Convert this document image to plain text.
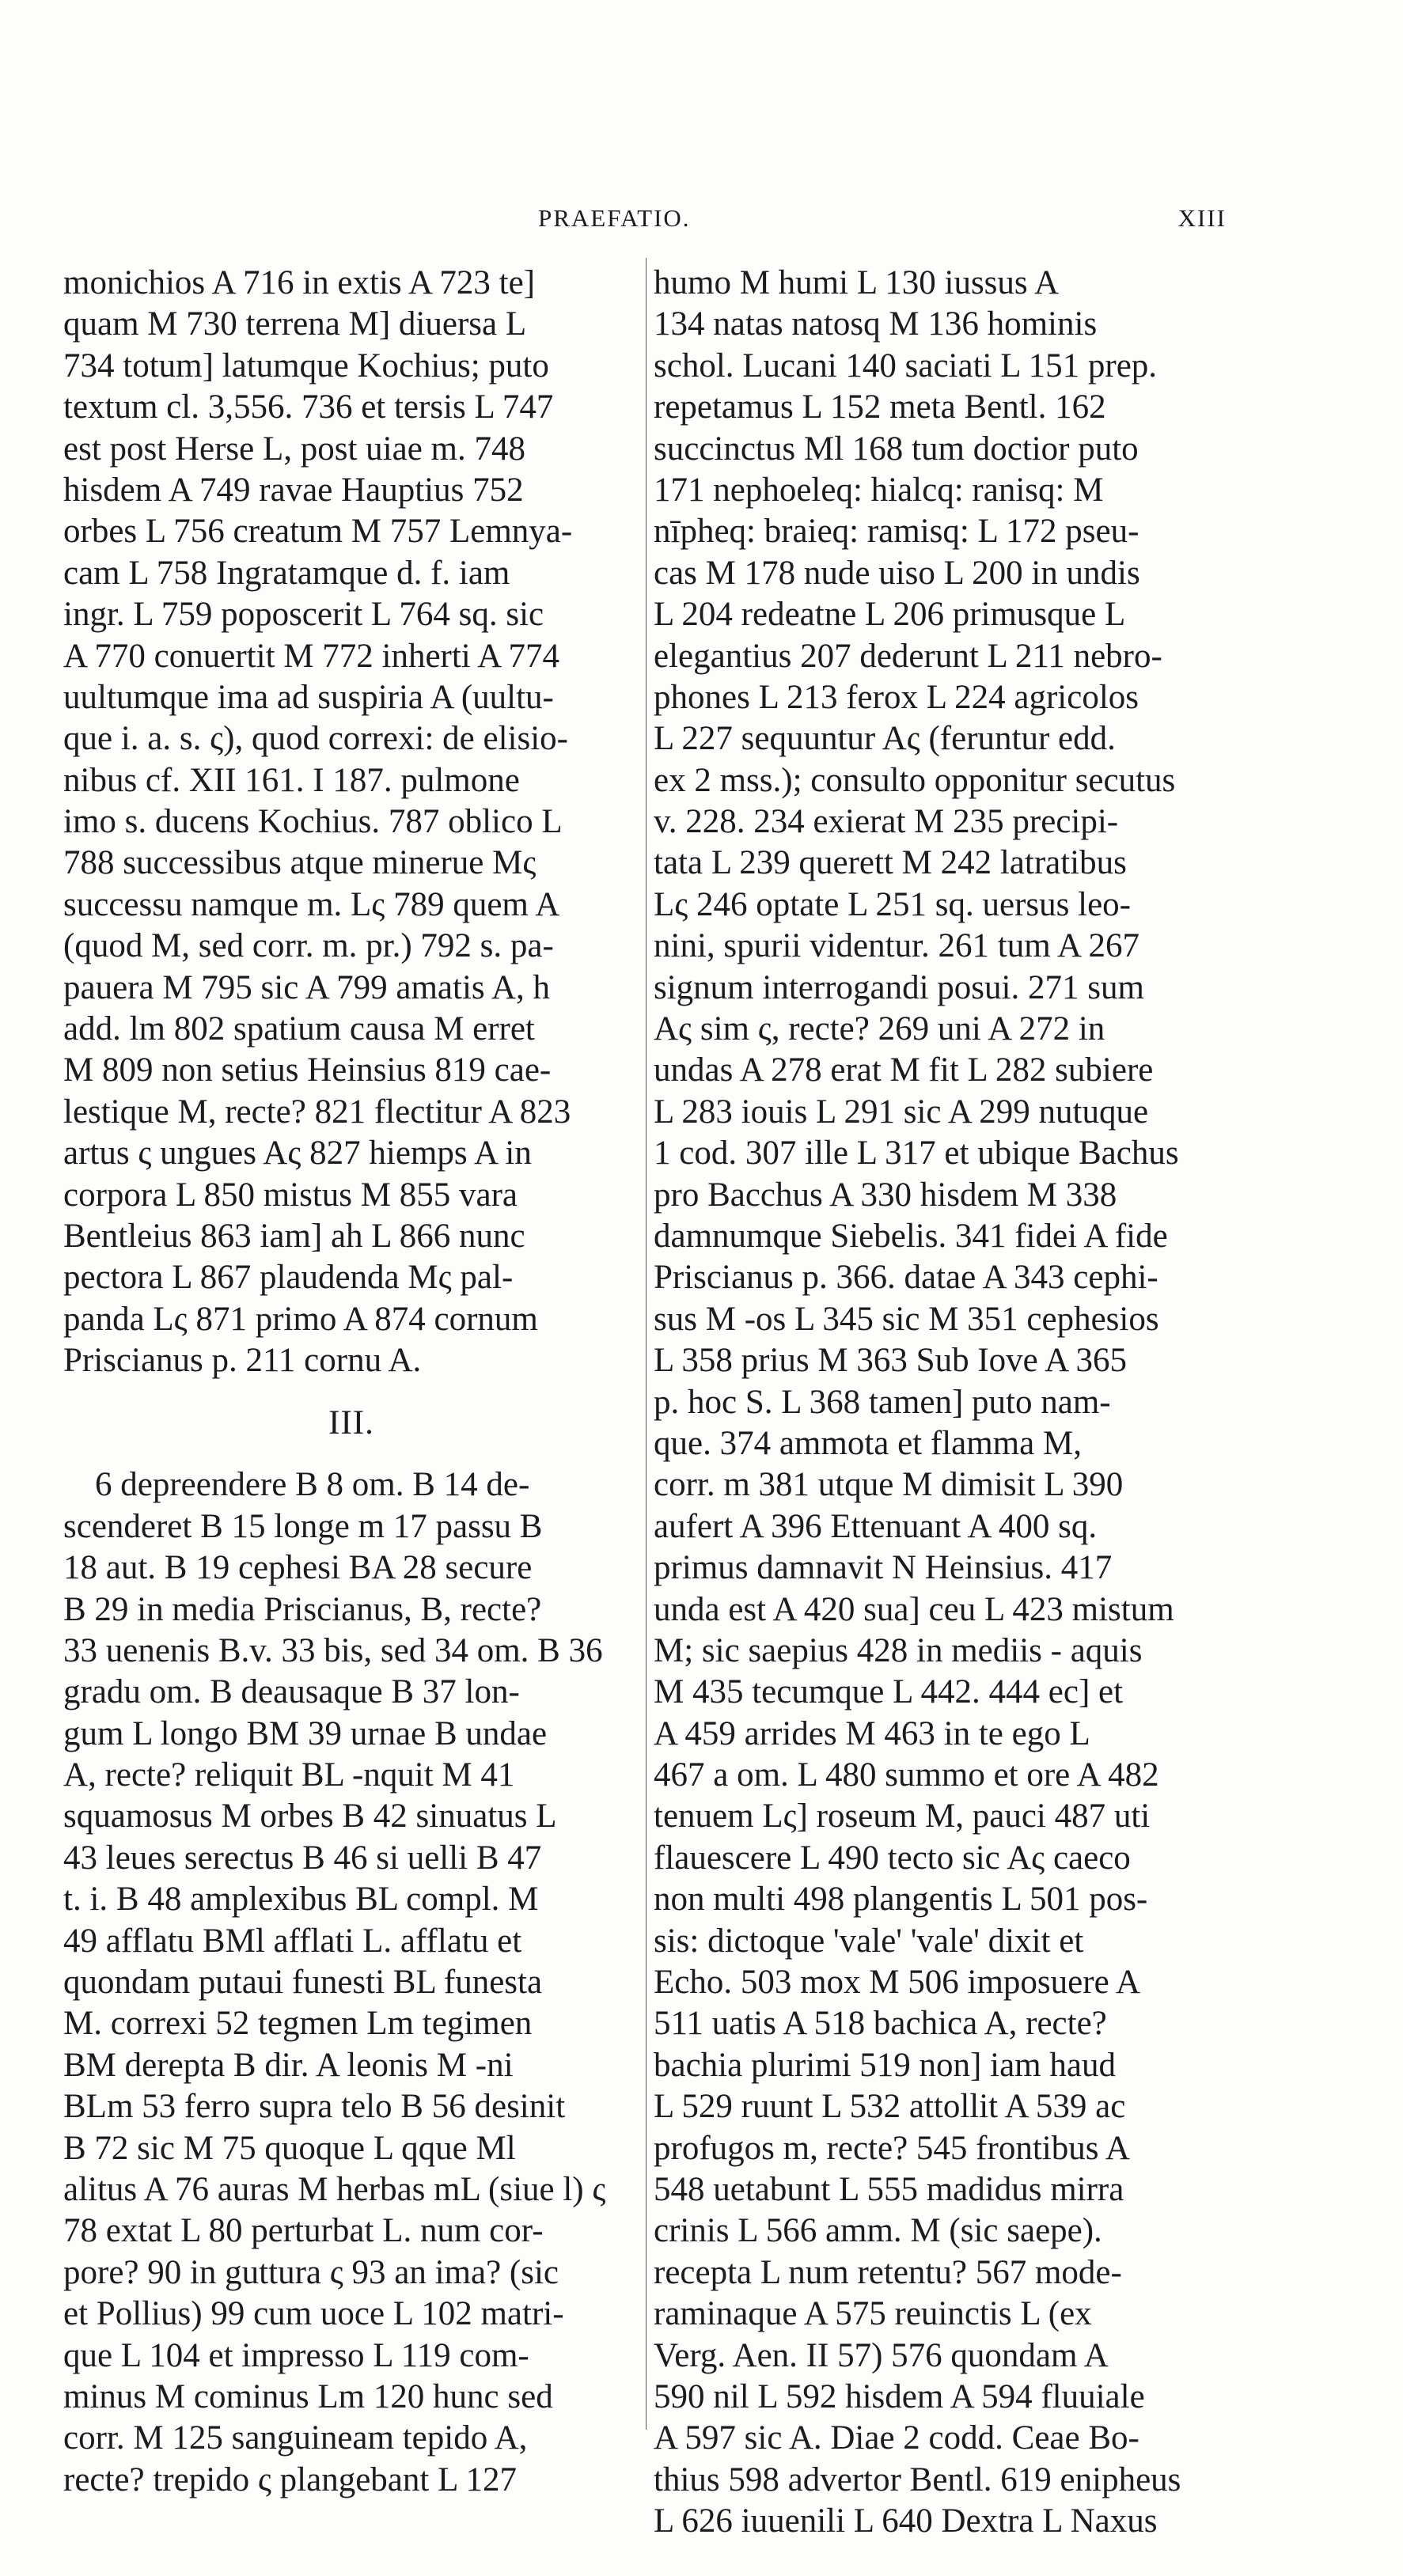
PRAEFATIO.	XIII
monichios A 716 in extis A 723 te]
quam M 730 terrena M] diuersa L
734 totum] latumque Kochius; puto
textum cl. 3,556. 736 et tersis L 747
est post Herse L, post uiae m. 748
hisdem A 749 ravae Hauptius 752
orbes L 756 creatum M 757 Lemnya-
cam L 758 Ingratamque d. f. iam
ingr. L 759 poposcerit L 764 sq. sic
A 770 conuertit M 772 inherti A 774
uultumque ima ad suspiria A (uultu-
que i. a. s. ς), quod correxi: de elisio-
nibus cf. XII 161. I 187. pulmone
imo s. ducens Kochius. 787 oblico L
788 successibus atque minerue Mς
successu namque m. Lς 789 quem A
(quod M, sed corr. m. pr.) 792 s. pa-
pauera M 795 sic A 799 amatis A, h
add. lm 802 spatium causa M erret
M 809 non setius Heinsius 819 cae-
lestique M, recte? 821 flectitur A 823
artus ς ungues Aς 827 hiemps A in
corpora L 850 mistus M 855 vara
Bentleius 863 iam] ah L 866 nunc
pectora L 867 plaudenda Mς pal-
panda Lς 871 primo A 874 cornum
Priscianus p. 211 cornu A.
III.
6 depreendere B 8 om. B 14 de-
scenderet B 15 longe m 17 passu B
18 aut. B 19 cephesi BA 28 secure
B 29 in media Priscianus, B, recte?
33 uenenis B.v. 33 bis, sed 34 om. B 36
gradu om. B deausaque B 37 lon-
gum L longo BM 39 urnae B undae
A, recte? reliquit BL -nquit M 41
squamosus M orbes B 42 sinuatus L
43 leues serectus B 46 si uelli B 47
t. i. B 48 amplexibus BL compl. M
49 afflatu BMl afflati L. afflatu et
quondam putaui funesti BL funesta
M. correxi 52 tegmen Lm tegimen
BM derepta B dir. A leonis M -ni
BLm 53 ferro supra telo B 56 desinit
B 72 sic M 75 quoque L qque Ml
alitus A 76 auras M herbas mL (siue l) ς
78 extat L 80 perturbat L. num cor-
pore? 90 in guttura ς 93 an ima? (sic
et Pollius) 99 cum uoce L 102 matri-
que L 104 et impresso L 119 com-
minus M cominus Lm 120 hunc sed
corr. M 125 sanguineam tepido A,
recte? trepido ς plangebant L 127
humo M humi L 130 iussus A
134 natas natosq M 136 hominis
schol. Lucani 140 saciati L 151 prep.
repetamus L 152 meta Bentl. 162
succinctus Ml 168 tum doctior puto
171 nephoeleq: hialcq: ranisq: M
nīpheq: braieq: ramisq: L 172 pseu-
cas M 178 nude uiso L 200 in undis
L 204 redeatne L 206 primusque L
elegantius 207 dederunt L 211 nebro-
phones L 213 ferox L 224 agricolos
L 227 sequuntur Aς (feruntur edd.
ex 2 mss.); consulto opponitur secutus
v. 228. 234 exierat M 235 precipi-
tata L 239 querett M 242 latratibus
Lς 246 optate L 251 sq. uersus leo-
nini, spurii videntur. 261 tum A 267
signum interrogandi posui. 271 sum
Aς sim ς, recte? 269 uni A 272 in
undas A 278 erat M fit L 282 subiere
L 283 iouis L 291 sic A 299 nutuque
1 cod. 307 ille L 317 et ubique Bachus
pro Bacchus A 330 hisdem M 338
damnumque Siebelis. 341 fidei A fide
Priscianus p. 366. datae A 343 cephi-
sus M -os L 345 sic M 351 cephesios
L 358 prius M 363 Sub Iove A 365
p. hoc S. L 368 tamen] puto nam-
que. 374 ammota et flamma M,
corr. m 381 utque M dimisit L 390
aufert A 396 Ettenuant A 400 sq.
primus damnavit N Heinsius. 417
unda est A 420 sua] ceu L 423 mistum
M; sic saepius 428 in mediis - aquis
M 435 tecumque L 442. 444 ec] et
A 459 arrides M 463 in te ego L
467 a om. L 480 summo et ore A 482
tenuem Lς] roseum M, pauci 487 uti
flauescere L 490 tecto sic Aς caeco
non multi 498 plangentis L 501 pos-
sis: dictoque 'vale' 'vale' dixit et
Echo. 503 mox M 506 imposuere A
511 uatis A 518 bachica A, recte?
bachia plurimi 519 non] iam haud
L 529 ruunt L 532 attollit A 539 ac
profugos m, recte? 545 frontibus A
548 uetabunt L 555 madidus mirra
crinis L 566 amm. M (sic saepe).
recepta L num retentu? 567 mode-
raminaque A 575 reuinctis L (ex
Verg. Aen. II 57) 576 quondam A
590 nil L 592 hisdem A 594 fluuiale
A 597 sic A. Diae 2 codd. Ceae Bo-
thius 598 advertor Bentl. 619 enipheus
L 626 iuuenili L 640 Dextra L Naxus
